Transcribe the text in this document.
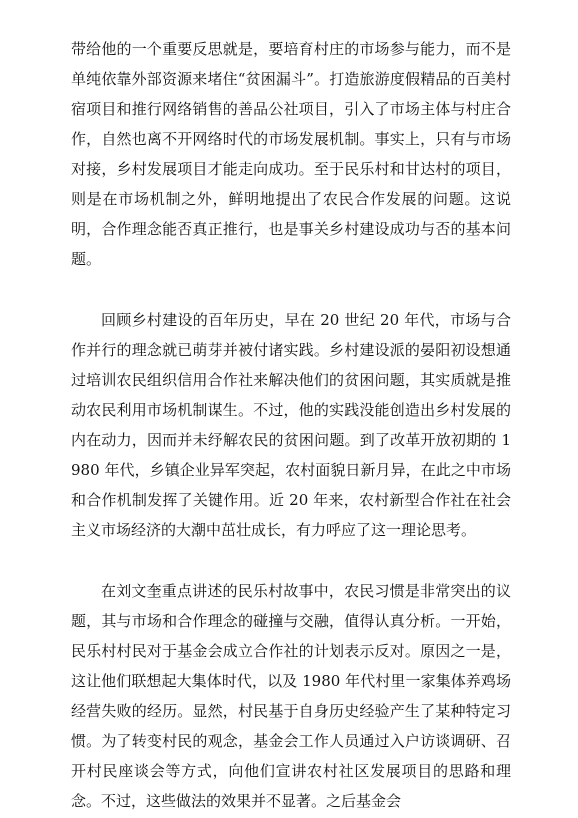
带给他的一个重要反思就是，要培育村庄的市场参与能力，而不是单纯依靠外部资源来堵住“贫困漏斗”。打造旅游度假精品的百美村宿项目和推行网络销售的善品公社项目，引入了市场主体与村庄合作，自然也离不开网络时代的市场发展机制。事实上，只有与市场对接，乡村发展项目才能走向成功。至于民乐村和甘达村的项目，则是在市场机制之外，鲜明地提出了农民合作发展的问题。这说明，合作理念能否真正推行，也是事关乡村建设成功与否的基本问题。

回顾乡村建设的百年历史，早在 20 世纪 20 年代，市场与合作并行的理念就已萌芽并被付诸实践。乡村建设派的晏阳初设想通过培训农民组织信用合作社来解决他们的贫困问题，其实质就是推动农民利用市场机制谋生。不过，他的实践没能创造出乡村发展的内在动力，因而并未纾解农民的贫困问题。到了改革开放初期的 1980 年代，乡镇企业异军突起，农村面貌日新月异，在此之中市场和合作机制发挥了关键作用。近 20 年来，农村新型合作社在社会主义市场经济的大潮中茁壮成长，有力呼应了这一理论思考。

在刘文奎重点讲述的民乐村故事中，农民习惯是非常突出的议题，其与市场和合作理念的碰撞与交融，值得认真分析。一开始，民乐村村民对于基金会成立合作社的计划表示反对。原因之一是，这让他们联想起大集体时代，以及 1980 年代村里一家集体养鸡场经营失败的经历。显然，村民基于自身历史经验产生了某种特定习惯。为了转变村民的观念，基金会工作人员通过入户访谈调研、召开村民座谈会等方式，向他们宣讲农村社区发展项目的思路和理念。不过，这些做法的效果并不显著。之后基金会
